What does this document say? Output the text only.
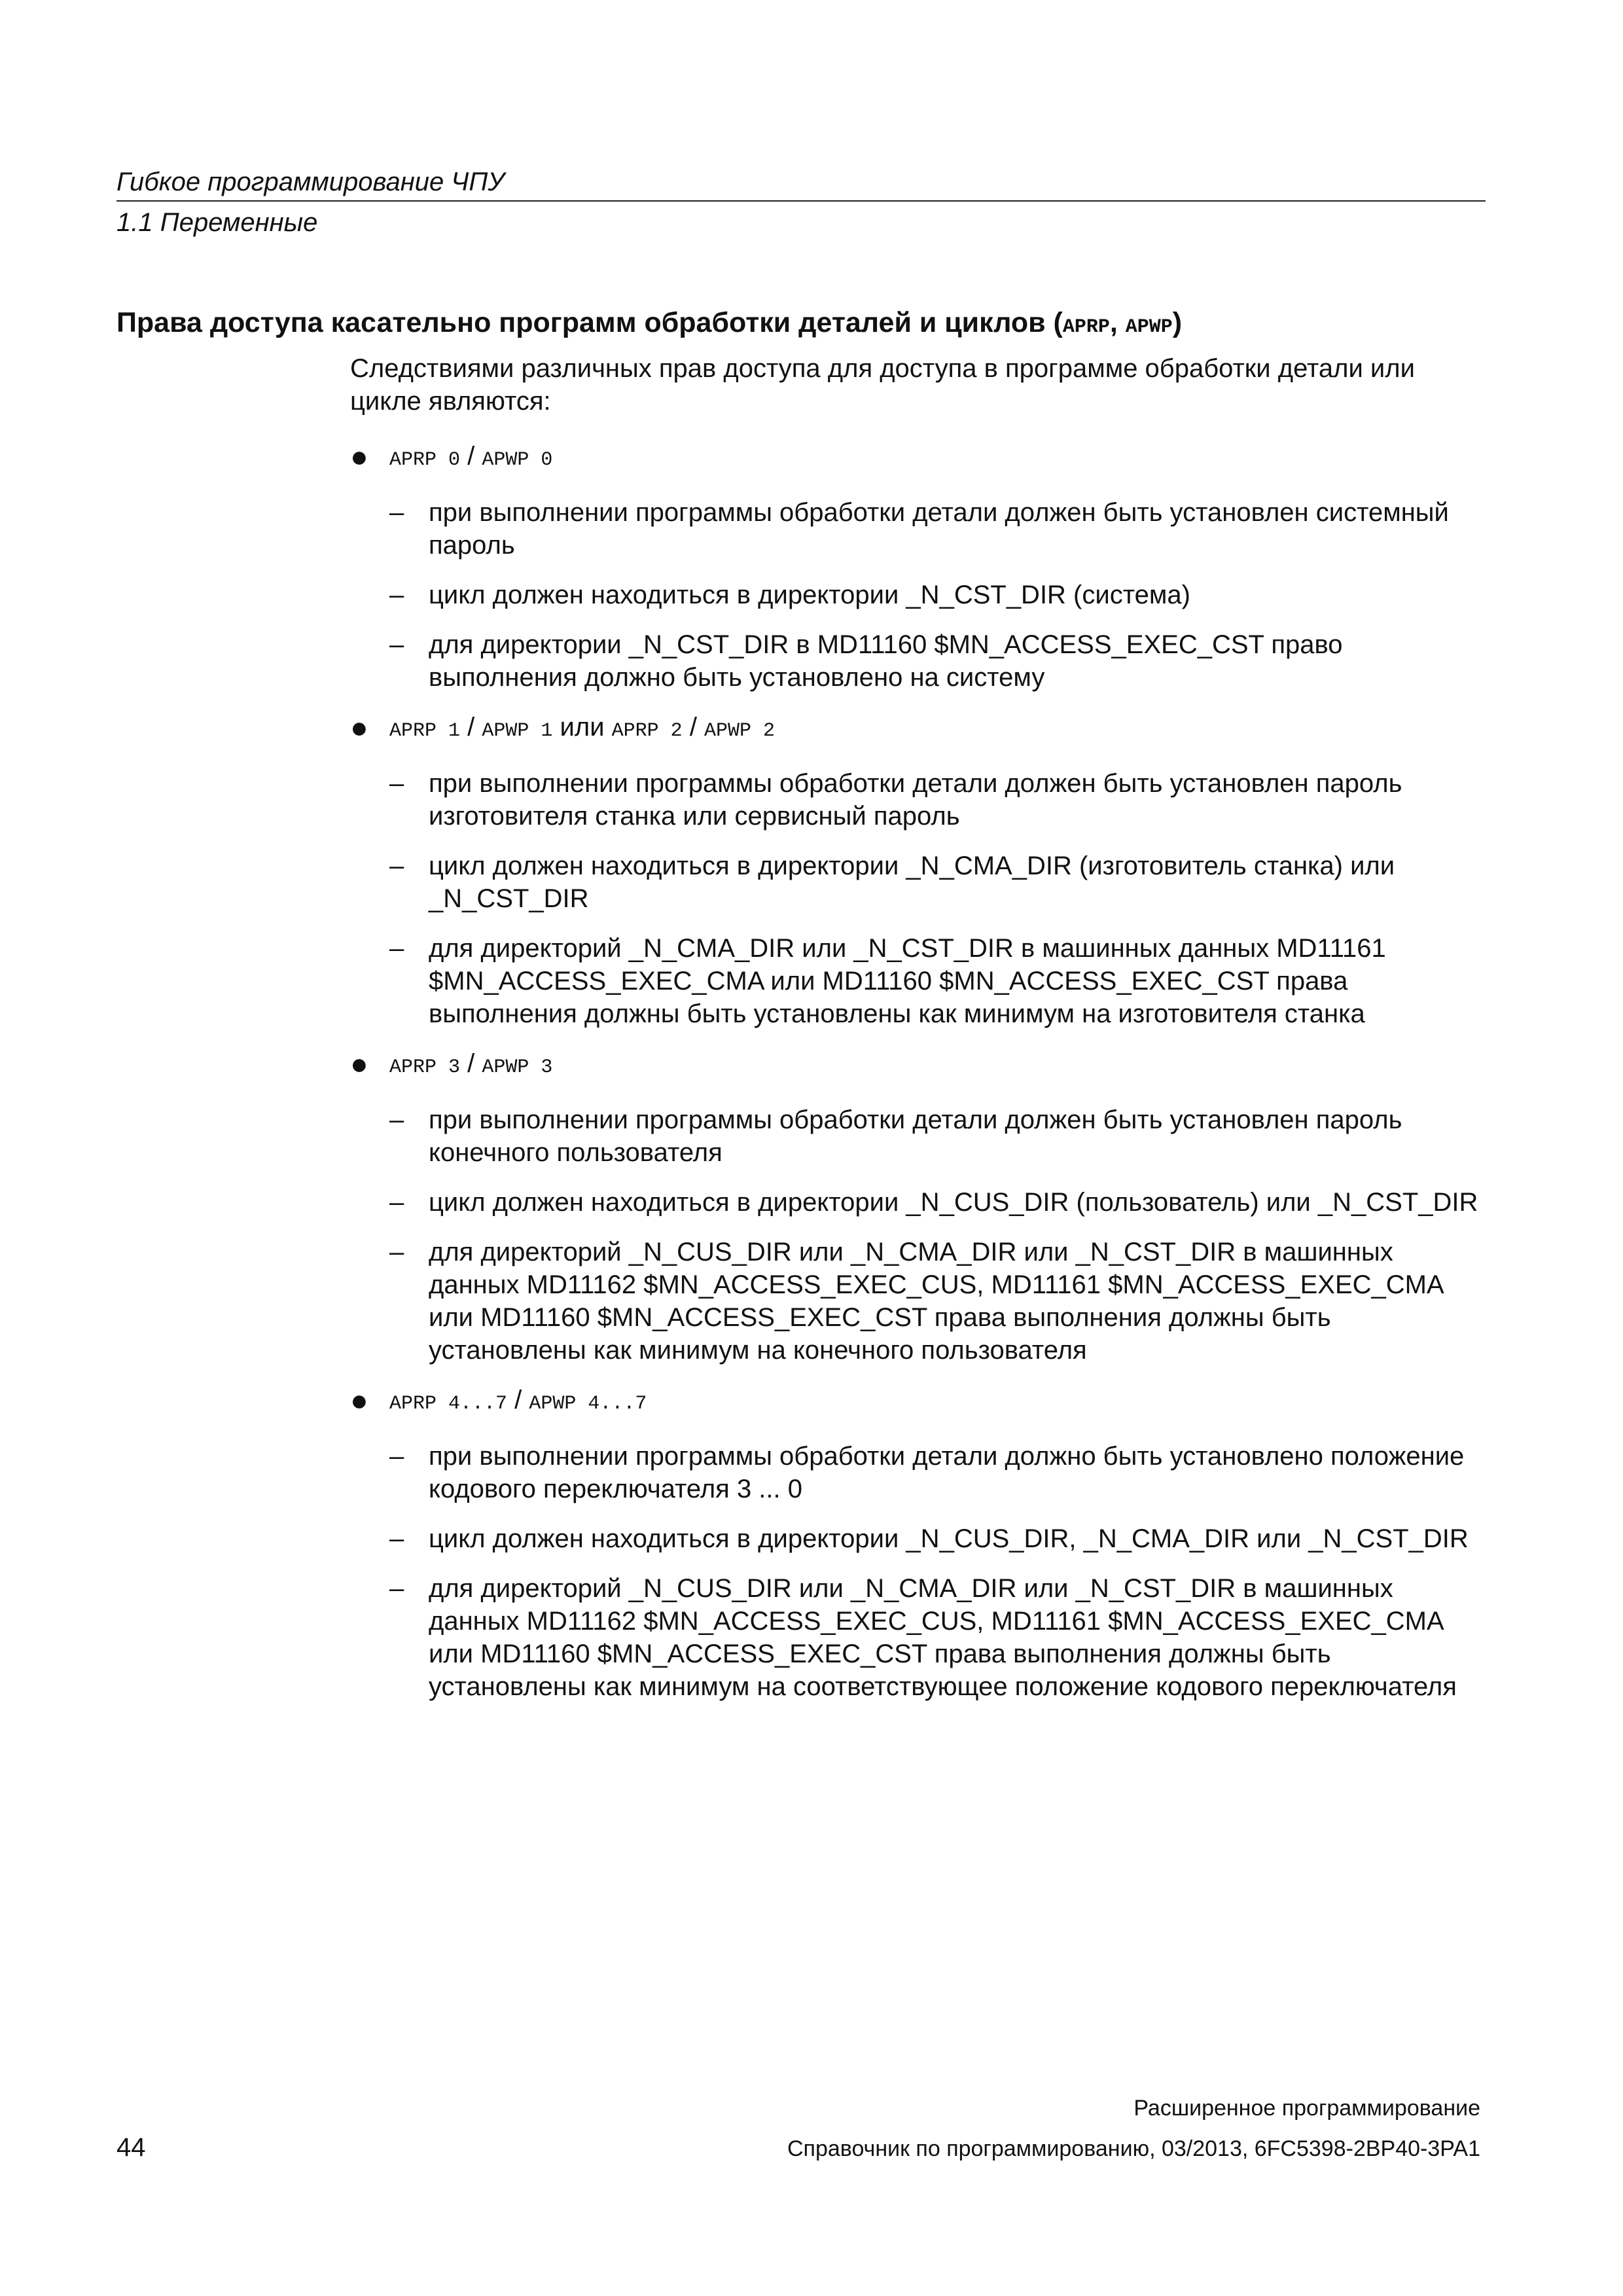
Гибкое программирование ЧПУ
1.1 Переменные
Права доступа касательно программ обработки деталей и циклов (APRP, APWP)

Следствиями различных прав доступа для доступа в программе обработки детали или цикле являются:

● APRP 0 / APWP 0
– при выполнении программы обработки детали должен быть установлен системный пароль
– цикл должен находиться в директории _N_CST_DIR (система)
– для директории _N_CST_DIR в MD11160 $MN_ACCESS_EXEC_CST право выполнения должно быть установлено на систему
● APRP 1 / APWP 1 или APRP 2 / APWP 2
– при выполнении программы обработки детали должен быть установлен пароль изготовителя станка или сервисный пароль
– цикл должен находиться в директории _N_CMA_DIR (изготовитель станка) или _N_CST_DIR
– для директорий _N_CMA_DIR или _N_CST_DIR в машинных данных MD11161 $MN_ACCESS_EXEC_CMA или MD11160 $MN_ACCESS_EXEC_CST права выполнения должны быть установлены как минимум на изготовителя станка
● APRP 3 / APWP 3
– при выполнении программы обработки детали должен быть установлен пароль конечного пользователя
– цикл должен находиться в директории _N_CUS_DIR (пользователь) или _N_CST_DIR
– для директорий _N_CUS_DIR или _N_CMA_DIR или _N_CST_DIR в машинных данных MD11162 $MN_ACCESS_EXEC_CUS, MD11161 $MN_ACCESS_EXEC_CMA или MD11160 $MN_ACCESS_EXEC_CST права выполнения должны быть установлены как минимум на конечного пользователя
● APRP 4...7 / APWP 4...7
– при выполнении программы обработки детали должно быть установлено положение кодового переключателя 3 ... 0
– цикл должен находиться в директории _N_CUS_DIR, _N_CMA_DIR или _N_CST_DIR
– для директорий _N_CUS_DIR или _N_CMA_DIR или _N_CST_DIR в машинных данных MD11162 $MN_ACCESS_EXEC_CUS, MD11161 $MN_ACCESS_EXEC_CMA или MD11160 $MN_ACCESS_EXEC_CST права выполнения должны быть установлены как минимум на соответствующее положение кодового переключателя
44
Расширенное программирование
Справочник по программированию, 03/2013, 6FC5398-2BP40-3PA1
